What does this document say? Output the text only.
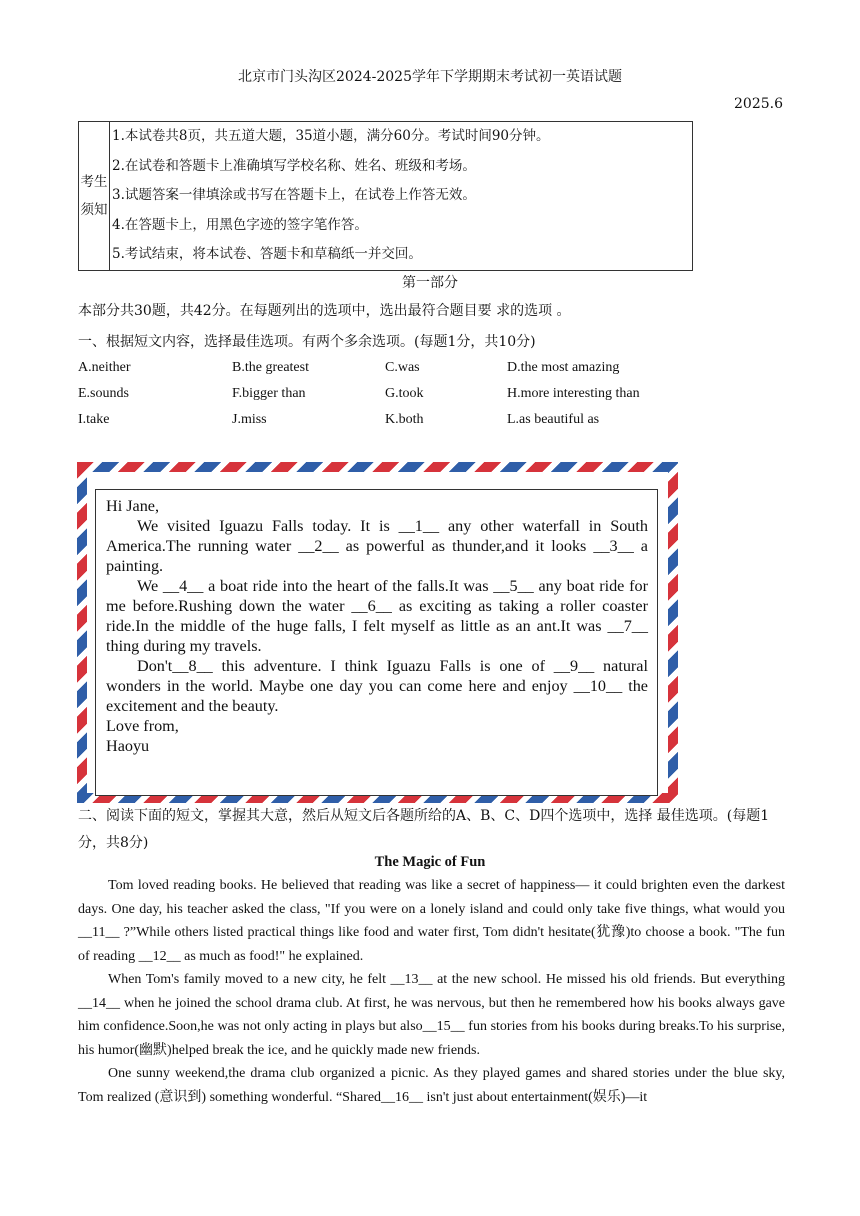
北京市门头沟区2024-2025学年下学期期末考试初一英语试题
2025.6
考生须知	
1.本试卷共8页，共五道大题，35道小题，满分60分。考试时间90分钟。
2.在试卷和答题卡上准确填写学校名称、姓名、班级和考场。
3.试题答案一律填涂或书写在答题卡上，在试卷上作答无效。
4.在答题卡上，用黑色字迹的签字笔作答。
5.考试结束，将本试卷、答题卡和草稿纸一并交回。
第一部分
本部分共30题，共42分。在每题列出的选项中，选出最符合题目要 求的选项 。
一、根据短文内容，选择最佳选项。有两个多余选项。(每题1分，共10分)
A.neither	B.the greatest	C.was	D.the most amazing
E.sounds	F.bigger than	G.took	H.more interesting than
I.take	J.miss	K.both	L.as beautiful as

Hi Jane,

We visited Iguazu Falls today. It is __1__ any other waterfall in South America.The running water __2__ as powerful as thunder,and it looks __3__ a painting.

We __4__ a boat ride into the heart of the falls.It was __5__ any boat ride for me before.Rushing down the water __6__ as exciting as taking a roller coaster ride.In the middle of the huge falls, I felt myself as little as an ant.It was __7__ thing during my travels.

Don't__8__ this adventure. I think Iguazu Falls is one of __9__ natural wonders in the world. Maybe one day you can come here and enjoy __10__ the excitement and the beauty.

Love from,

Haoyu

二、阅读下面的短文，掌握其大意，然后从短文后各题所给的A、B、C、D四个选项中，选择 最佳选项。(每题1分，共8分)
The Magic of Fun

Tom loved reading books. He believed that reading was like a secret of happiness— it could brighten even the darkest days. One day, his teacher asked the class, "If you were on a lonely island and could only take five things, what would you __11__ ?”While others listed practical things like food and water first, Tom didn't hesitate(犹豫)to choose a book. "The fun of reading __12__ as much as food!" he explained.

When Tom's family moved to a new city, he felt __13__ at the new school. He missed his old friends. But everything __14__ when he joined the school drama club. At first, he was nervous, but then he remembered how his books always gave him confidence.Soon,he was not only acting in plays but also__15__ fun stories from his books during breaks.To his surprise, his humor(幽默)helped break the ice, and he quickly made new friends.

One sunny weekend,the drama club organized a picnic. As they played games and shared stories under the blue sky, Tom realized (意识到) something wonderful. “Shared__16__ isn't just about entertainment(娱乐)—it
